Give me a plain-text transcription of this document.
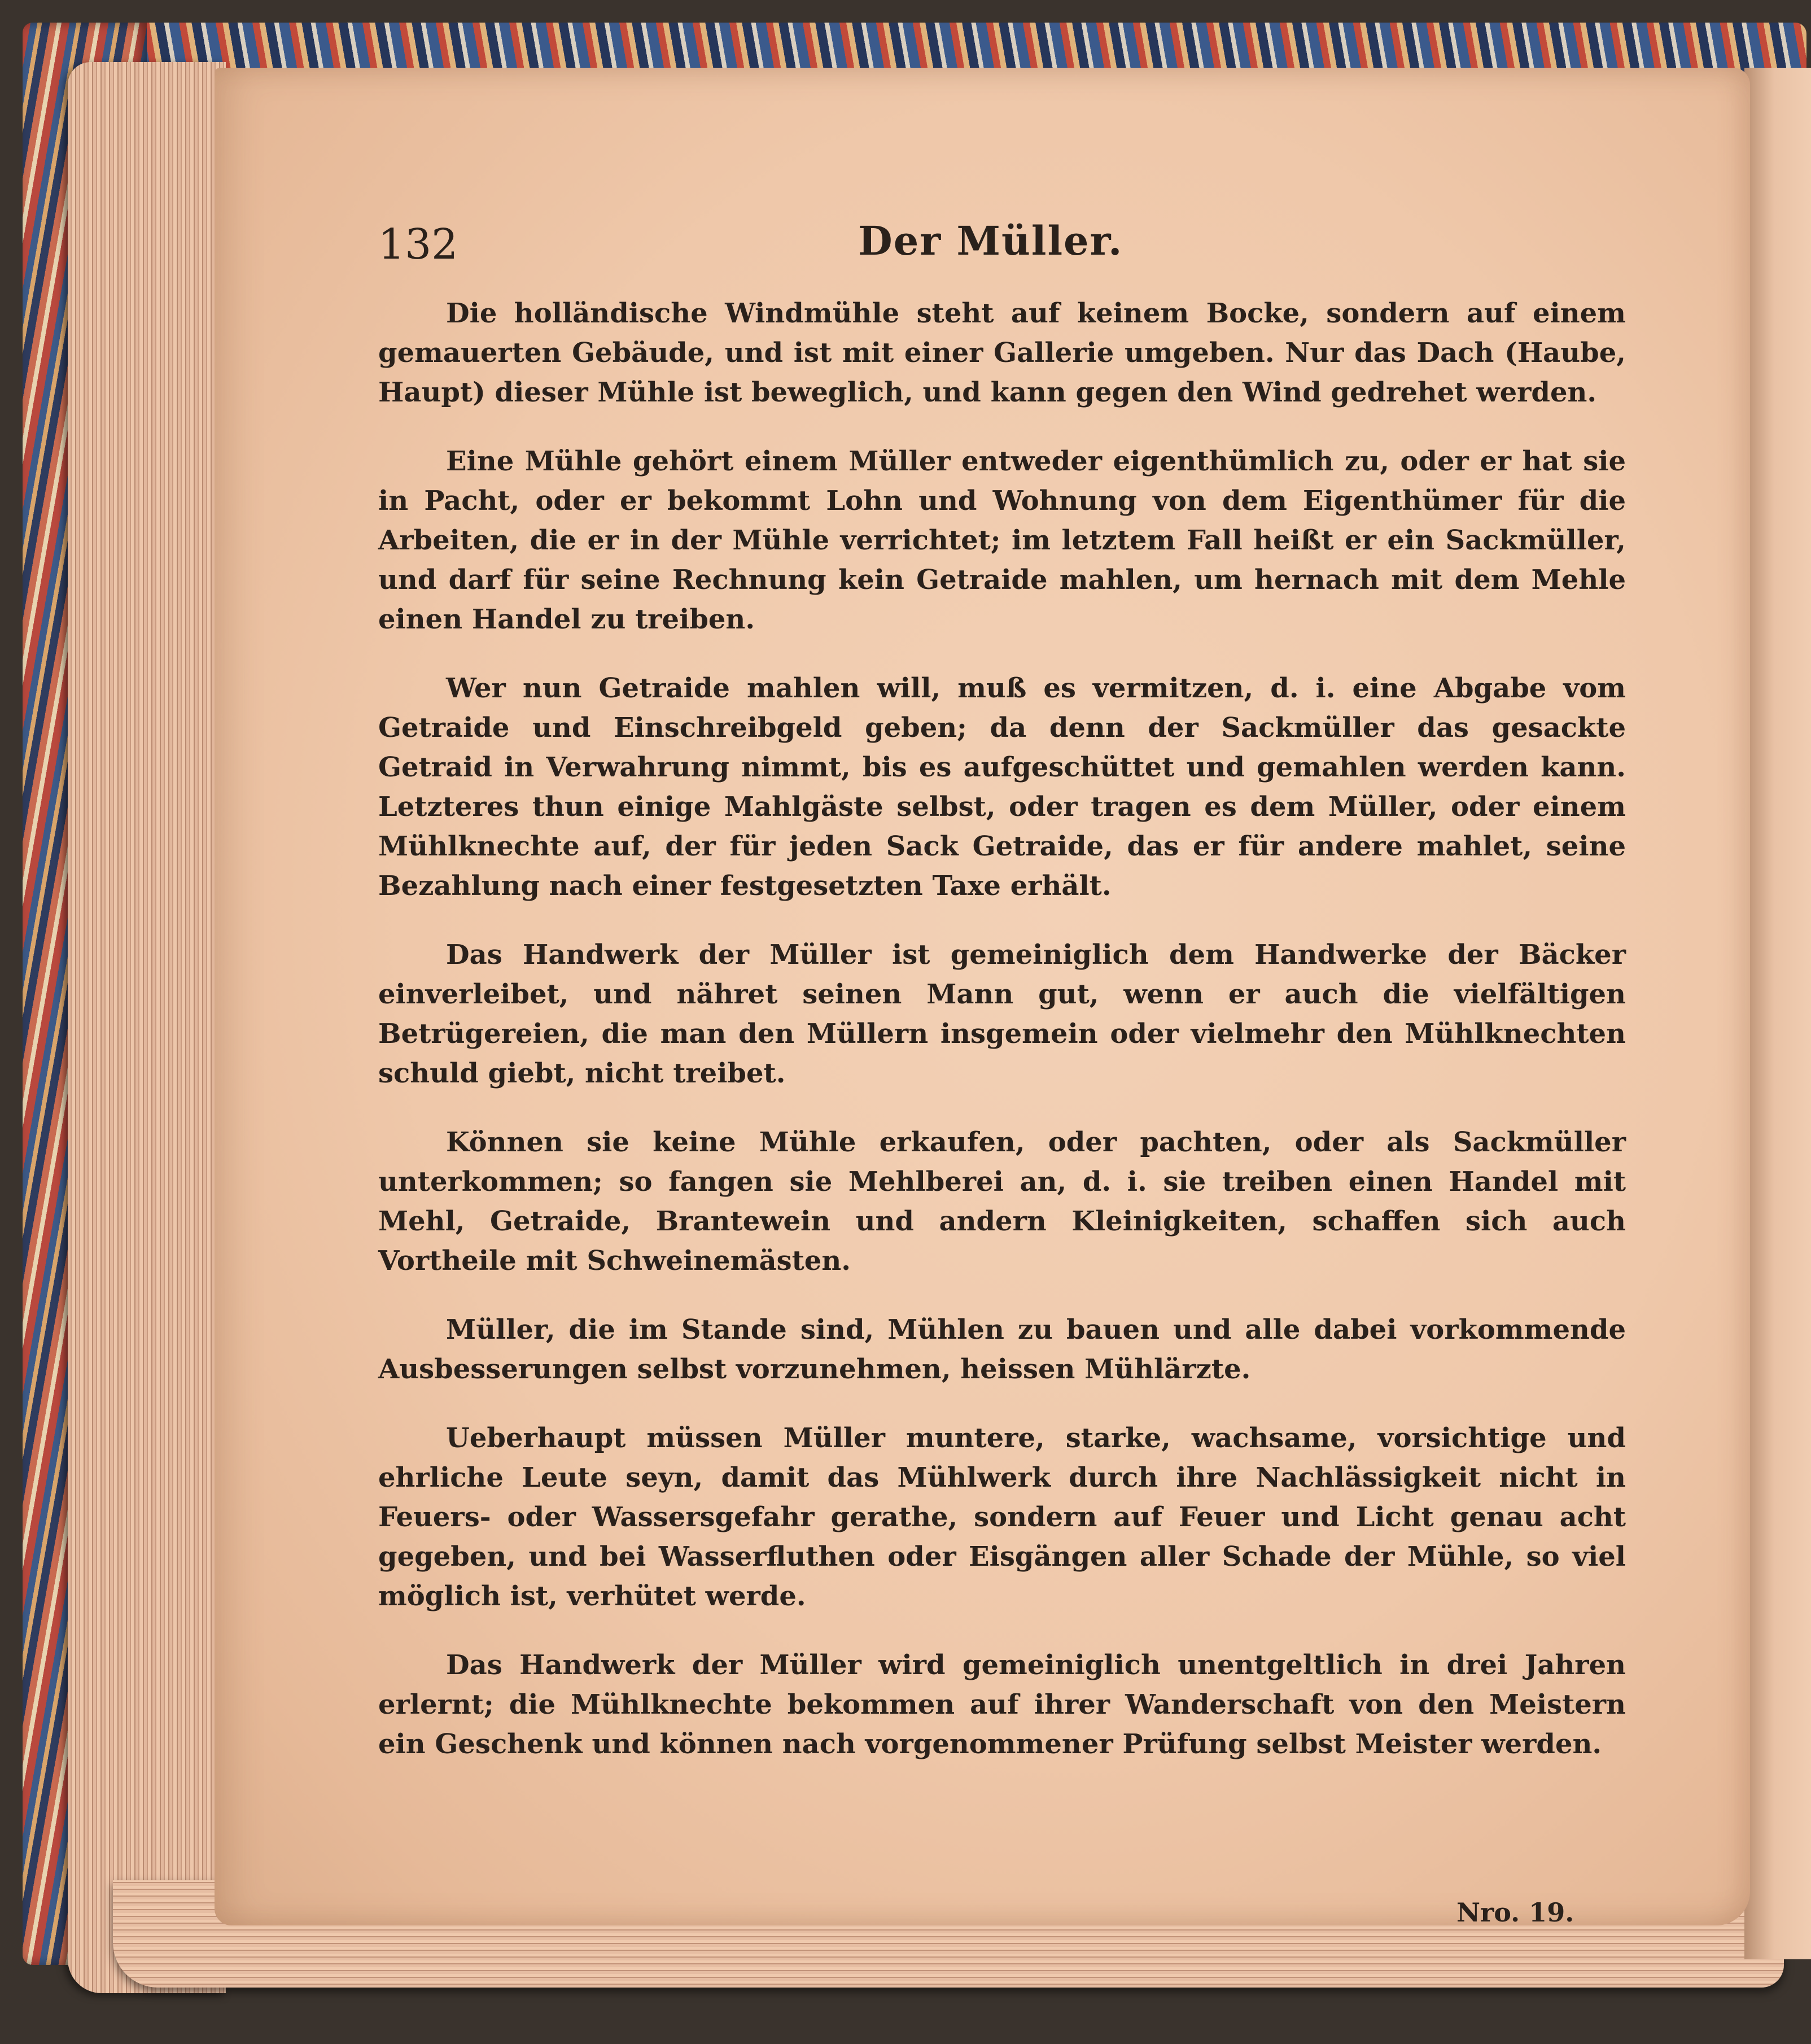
132	Der Müller.

Die holländische Windmühle steht auf keinem Bocke, sondern auf einem gemauerten Gebäude, und ist mit einer Gallerie umgeben. Nur das Dach (Haube, Haupt) dieser Mühle ist beweglich, und kann gegen den Wind gedrehet werden.

Eine Mühle gehört einem Müller entweder eigenthümlich zu, oder er hat sie in Pacht, oder er bekommt Lohn und Wohnung von dem Eigenthümer für die Arbeiten, die er in der Mühle verrichtet; im letztem Fall heißt er ein Sackmüller, und darf für seine Rechnung kein Getraide mahlen, um hernach mit dem Mehle einen Handel zu treiben.

Wer nun Getraide mahlen will, muß es vermitzen, d. i. eine Abgabe vom Getraide und Einschreibgeld geben; da denn der Sackmüller das gesackte Getraid in Verwahrung nimmt, bis es aufgeschüttet und gemahlen werden kann. Letzteres thun einige Mahlgäste selbst, oder tragen es dem Müller, oder einem Mühlknechte auf, der für jeden Sack Getraide, das er für andere mahlet, seine Bezahlung nach einer festgesetzten Taxe erhält.

Das Handwerk der Müller ist gemeiniglich dem Handwerke der Bäcker einverleibet, und nähret seinen Mann gut, wenn er auch die vielfältigen Betrügereien, die man den Müllern insgemein oder vielmehr den Mühlknechten schuld giebt, nicht treibet.

Können sie keine Mühle erkaufen, oder pachten, oder als Sackmüller unterkommen; so fangen sie Mehlberei an, d. i. sie treiben einen Handel mit Mehl, Getraide, Brantewein und andern Kleinigkeiten, schaffen sich auch Vortheile mit Schweinemästen.

Müller, die im Stande sind, Mühlen zu bauen und alle dabei vorkommende Ausbesserungen selbst vorzunehmen, heissen Mühlärzte.

Ueberhaupt müssen Müller muntere, starke, wachsame, vorsichtige und ehrliche Leute seyn, damit das Mühlwerk durch ihre Nachlässigkeit nicht in Feuers- oder Wassersgefahr gerathe, sondern auf Feuer und Licht genau acht gegeben, und bei Wasserfluthen oder Eisgängen aller Schade der Mühle, so viel möglich ist, verhütet werde.

Das Handwerk der Müller wird gemeiniglich unentgeltlich in drei Jahren erlernt; die Mühlknechte bekommen auf ihrer Wanderschaft von den Meistern ein Geschenk und können nach vorgenommener Prüfung selbst Meister werden.

Nro. 19.
